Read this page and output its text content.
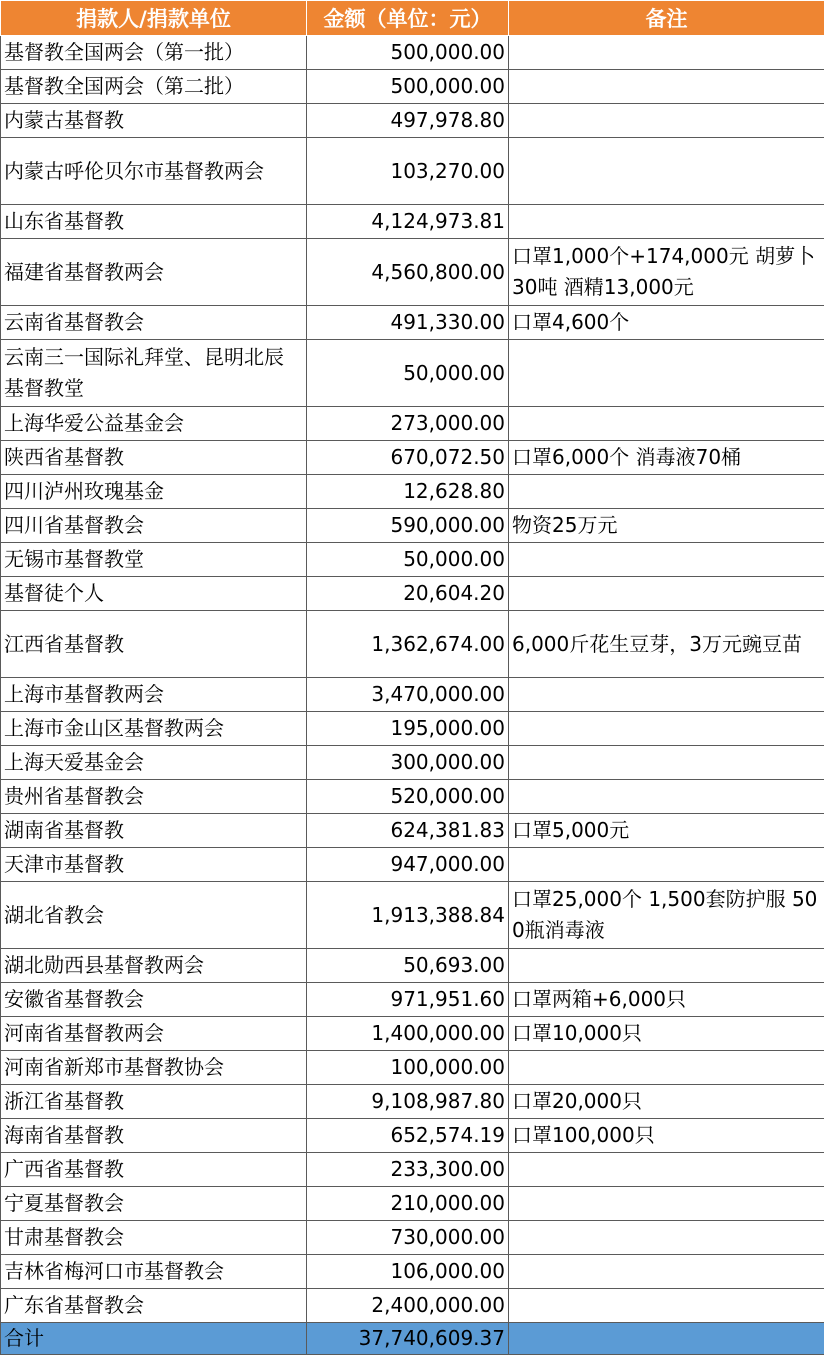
捐款人/捐款单位	金额（单位：元）	备注
基督教全国两会（第一批）	500,000.00	
基督教全国两会（第二批）	500,000.00	
内蒙古基督教	497,978.80	
内蒙古呼伦贝尔市基督教两会	103,270.00	
山东省基督教	4,124,973.81	
福建省基督教两会	4,560,800.00	口罩1,000个+174,000元 胡萝卜30吨 酒精13,000元
云南省基督教会	491,330.00	口罩4,600个
云南三一国际礼拜堂、昆明北辰基督教堂	50,000.00	
上海华爱公益基金会	273,000.00	
陕西省基督教	670,072.50	口罩6,000个 消毒液70桶
四川泸州玫瑰基金	12,628.80	
四川省基督教会	590,000.00	物资25万元
无锡市基督教堂	50,000.00	
基督徒个人	20,604.20	
江西省基督教	1,362,674.00	6,000斤花生豆芽，3万元豌豆苗
上海市基督教两会	3,470,000.00	
上海市金山区基督教两会	195,000.00	
上海天爱基金会	300,000.00	
贵州省基督教会	520,000.00	
湖南省基督教	624,381.83	口罩5,000元
天津市基督教	947,000.00	
湖北省教会	1,913,388.84	口罩25,000个 1,500套防护服 500瓶消毒液
湖北勋西县基督教两会	50,693.00	
安徽省基督教会	971,951.60	口罩两箱+6,000只
河南省基督教两会	1,400,000.00	口罩10,000只
河南省新郑市基督教协会	100,000.00	
浙江省基督教	9,108,987.80	口罩20,000只
海南省基督教	652,574.19	口罩100,000只
广西省基督教	233,300.00	
宁夏基督教会	210,000.00	
甘肃基督教会	730,000.00	
吉林省梅河口市基督教会	106,000.00	
广东省基督教会	2,400,000.00	
合计	37,740,609.37	
